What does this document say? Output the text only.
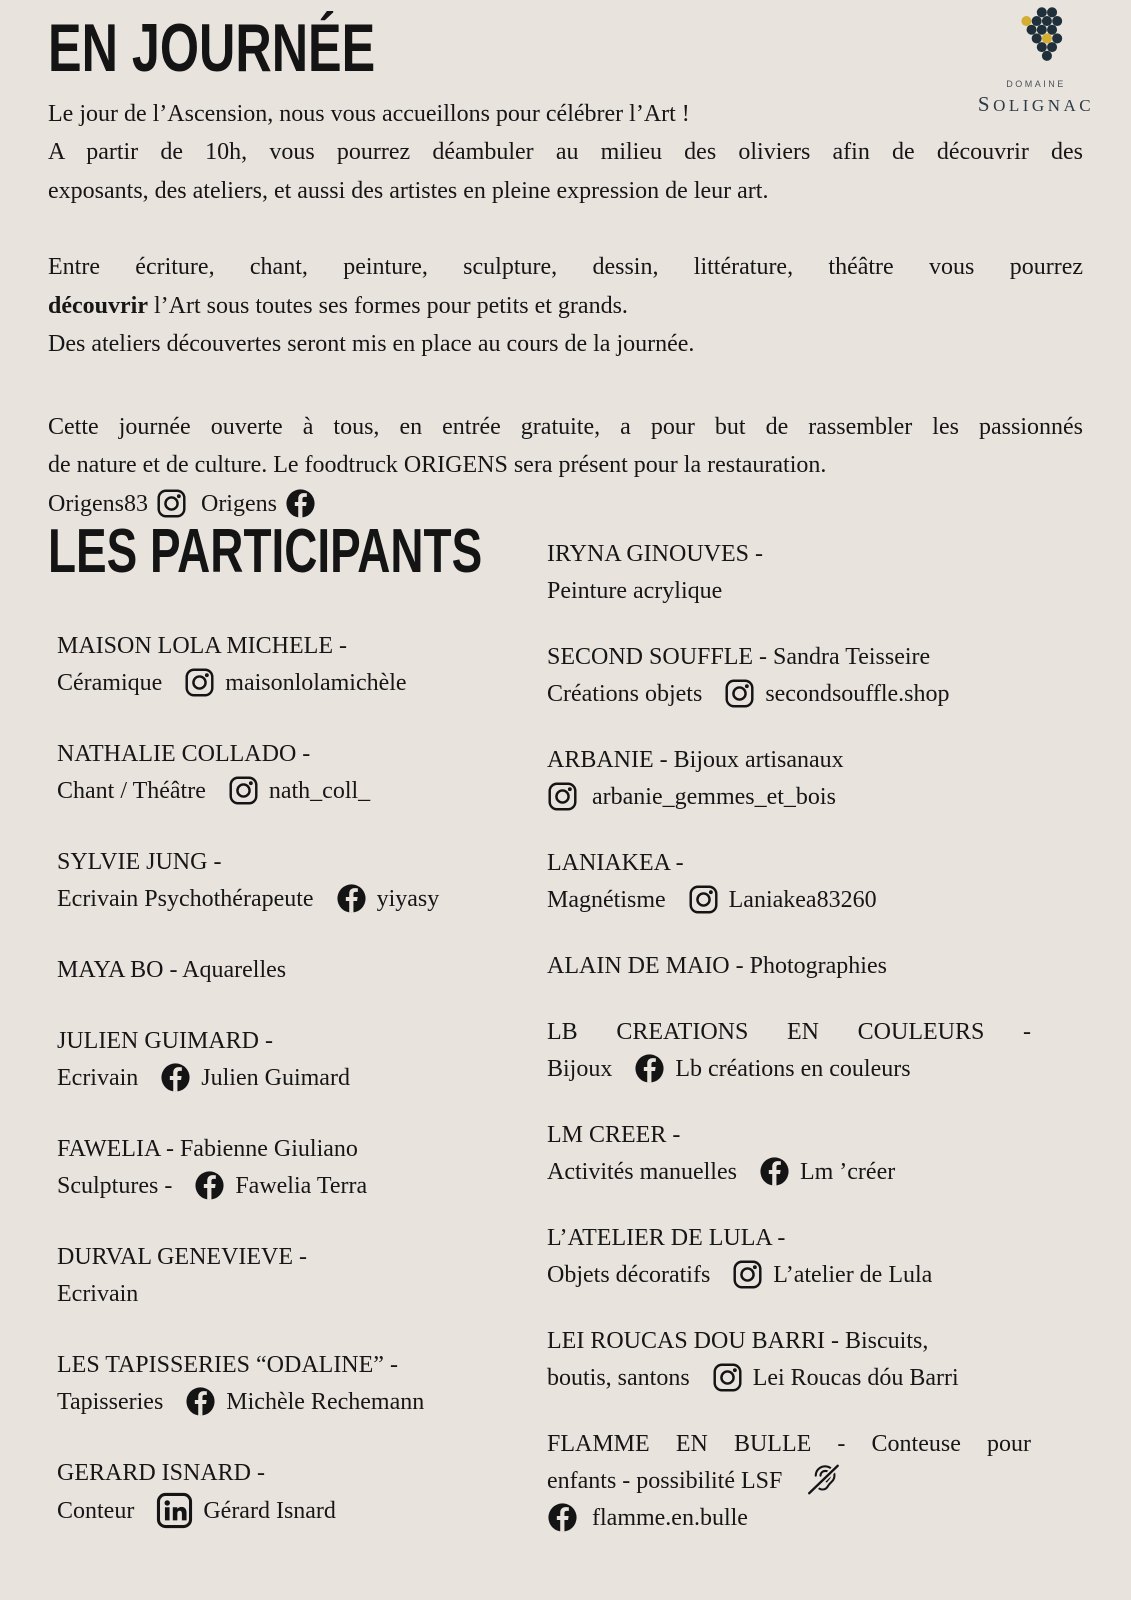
EN JOURNÉE	DOMAINE
SOLIGNAC
Le jour de l’Ascension, nous vous accueillons pour célébrer l’Art !
A partir de 10h, vous pourrez déambuler au milieu des oliviers afin de découvrir des
exposants, des ateliers, et aussi des artistes en pleine expression de leur art.
Entre écriture, chant, peinture, sculpture, dessin, littérature, théâtre vous pourrez
découvrir l’Art sous toutes ses formes pour petits et grands.
Des ateliers découvertes seront mis en place au cours de la journée.
Cette journée ouverte à tous, en entrée gratuite, a pour but de rassembler les passionnés
de nature et de culture. Le foodtruck ORIGENS sera présent pour la restauration.
Origens83 Origens
LES PARTICIPANTS
MAISON LOLA MICHELE -
Céramique	maisonlolamichèle
NATHALIE COLLADO -
Chant / Théâtre	nath_coll_
SYLVIE JUNG -
Ecrivain Psychothérapeute	yiyasy
MAYA BO - Aquarelles
JULIEN GUIMARD -
Ecrivain	Julien Guimard
FAWELIA - Fabienne Giuliano
Sculptures -	Fawelia Terra
DURVAL GENEVIEVE -
Ecrivain
LES TAPISSERIES “ODALINE” -
Tapisseries	Michèle Rechemann
GERARD ISNARD -
Conteur	Gérard Isnard
IRYNA GINOUVES -
Peinture acrylique
SECOND SOUFFLE - Sandra Teisseire
Créations objets	secondsouffle.shop
ARBANIE - Bijoux artisanaux
arbanie_gemmes_et_bois
LANIAKEA -
Magnétisme	Laniakea83260
ALAIN DE MAIO - Photographies
LB CREATIONS EN COULEURS -
Bijoux	Lb créations en couleurs
LM CREER -
Activités manuelles	Lm ’créer
L’ATELIER DE LULA -
Objets décoratifs	L’atelier de Lula
LEI ROUCAS DOU BARRI - Biscuits,
boutis, santons	Lei Roucas dóu Barri
FLAMME EN BULLE - Conteuse pour
enfants - possibilité LSF
flamme.en.bulle
